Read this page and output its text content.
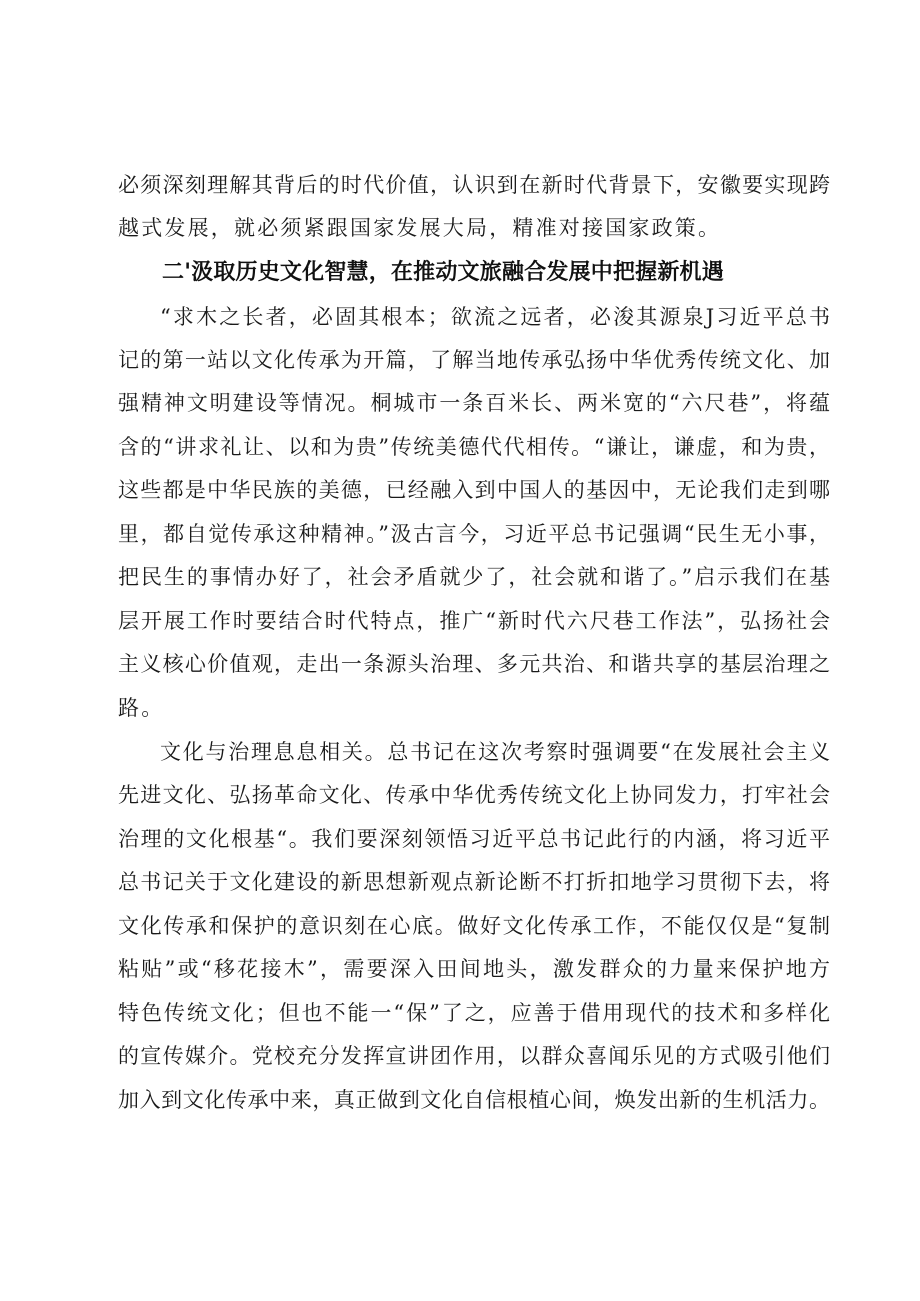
必须深刻理解其背后的时代价值，认识到在新时代背景下，安徽要实现跨
越式发展，就必须紧跟国家发展大局，精准对接国家政策。
二'汲取历史文化智慧，在推动文旅融合发展中把握新机遇
“求木之长者，必固其根本；欲流之远者，必浚其源泉J习近平总书
记的第一站以文化传承为开篇，了解当地传承弘扬中华优秀传统文化、加
强精神文明建设等情况。桐城市一条百米长、两米宽的“六尺巷”，将蕴
含的“讲求礼让、以和为贵”传统美德代代相传。“谦让，谦虚，和为贵，
这些都是中华民族的美德，已经融入到中国人的基因中，无论我们走到哪
里，都自觉传承这种精神。”汲古言今，习近平总书记强调“民生无小事，
把民生的事情办好了，社会矛盾就少了，社会就和谐了。”启示我们在基
层开展工作时要结合时代特点，推广“新时代六尺巷工作法”，弘扬社会
主义核心价值观，走出一条源头治理、多元共治、和谐共享的基层治理之
路。
文化与治理息息相关。总书记在这次考察时强调要“在发展社会主义
先进文化、弘扬革命文化、传承中华优秀传统文化上协同发力，打牢社会
治理的文化根基“。我们要深刻领悟习近平总书记此行的内涵，将习近平
总书记关于文化建设的新思想新观点新论断不打折扣地学习贯彻下去，将
文化传承和保护的意识刻在心底。做好文化传承工作，不能仅仅是“复制
粘贴”或“移花接木”，需要深入田间地头，激发群众的力量来保护地方
特色传统文化；但也不能一“保”了之，应善于借用现代的技术和多样化
的宣传媒介。党校充分发挥宣讲团作用，以群众喜闻乐见的方式吸引他们
加入到文化传承中来，真正做到文化自信根植心间，焕发出新的生机活力。
